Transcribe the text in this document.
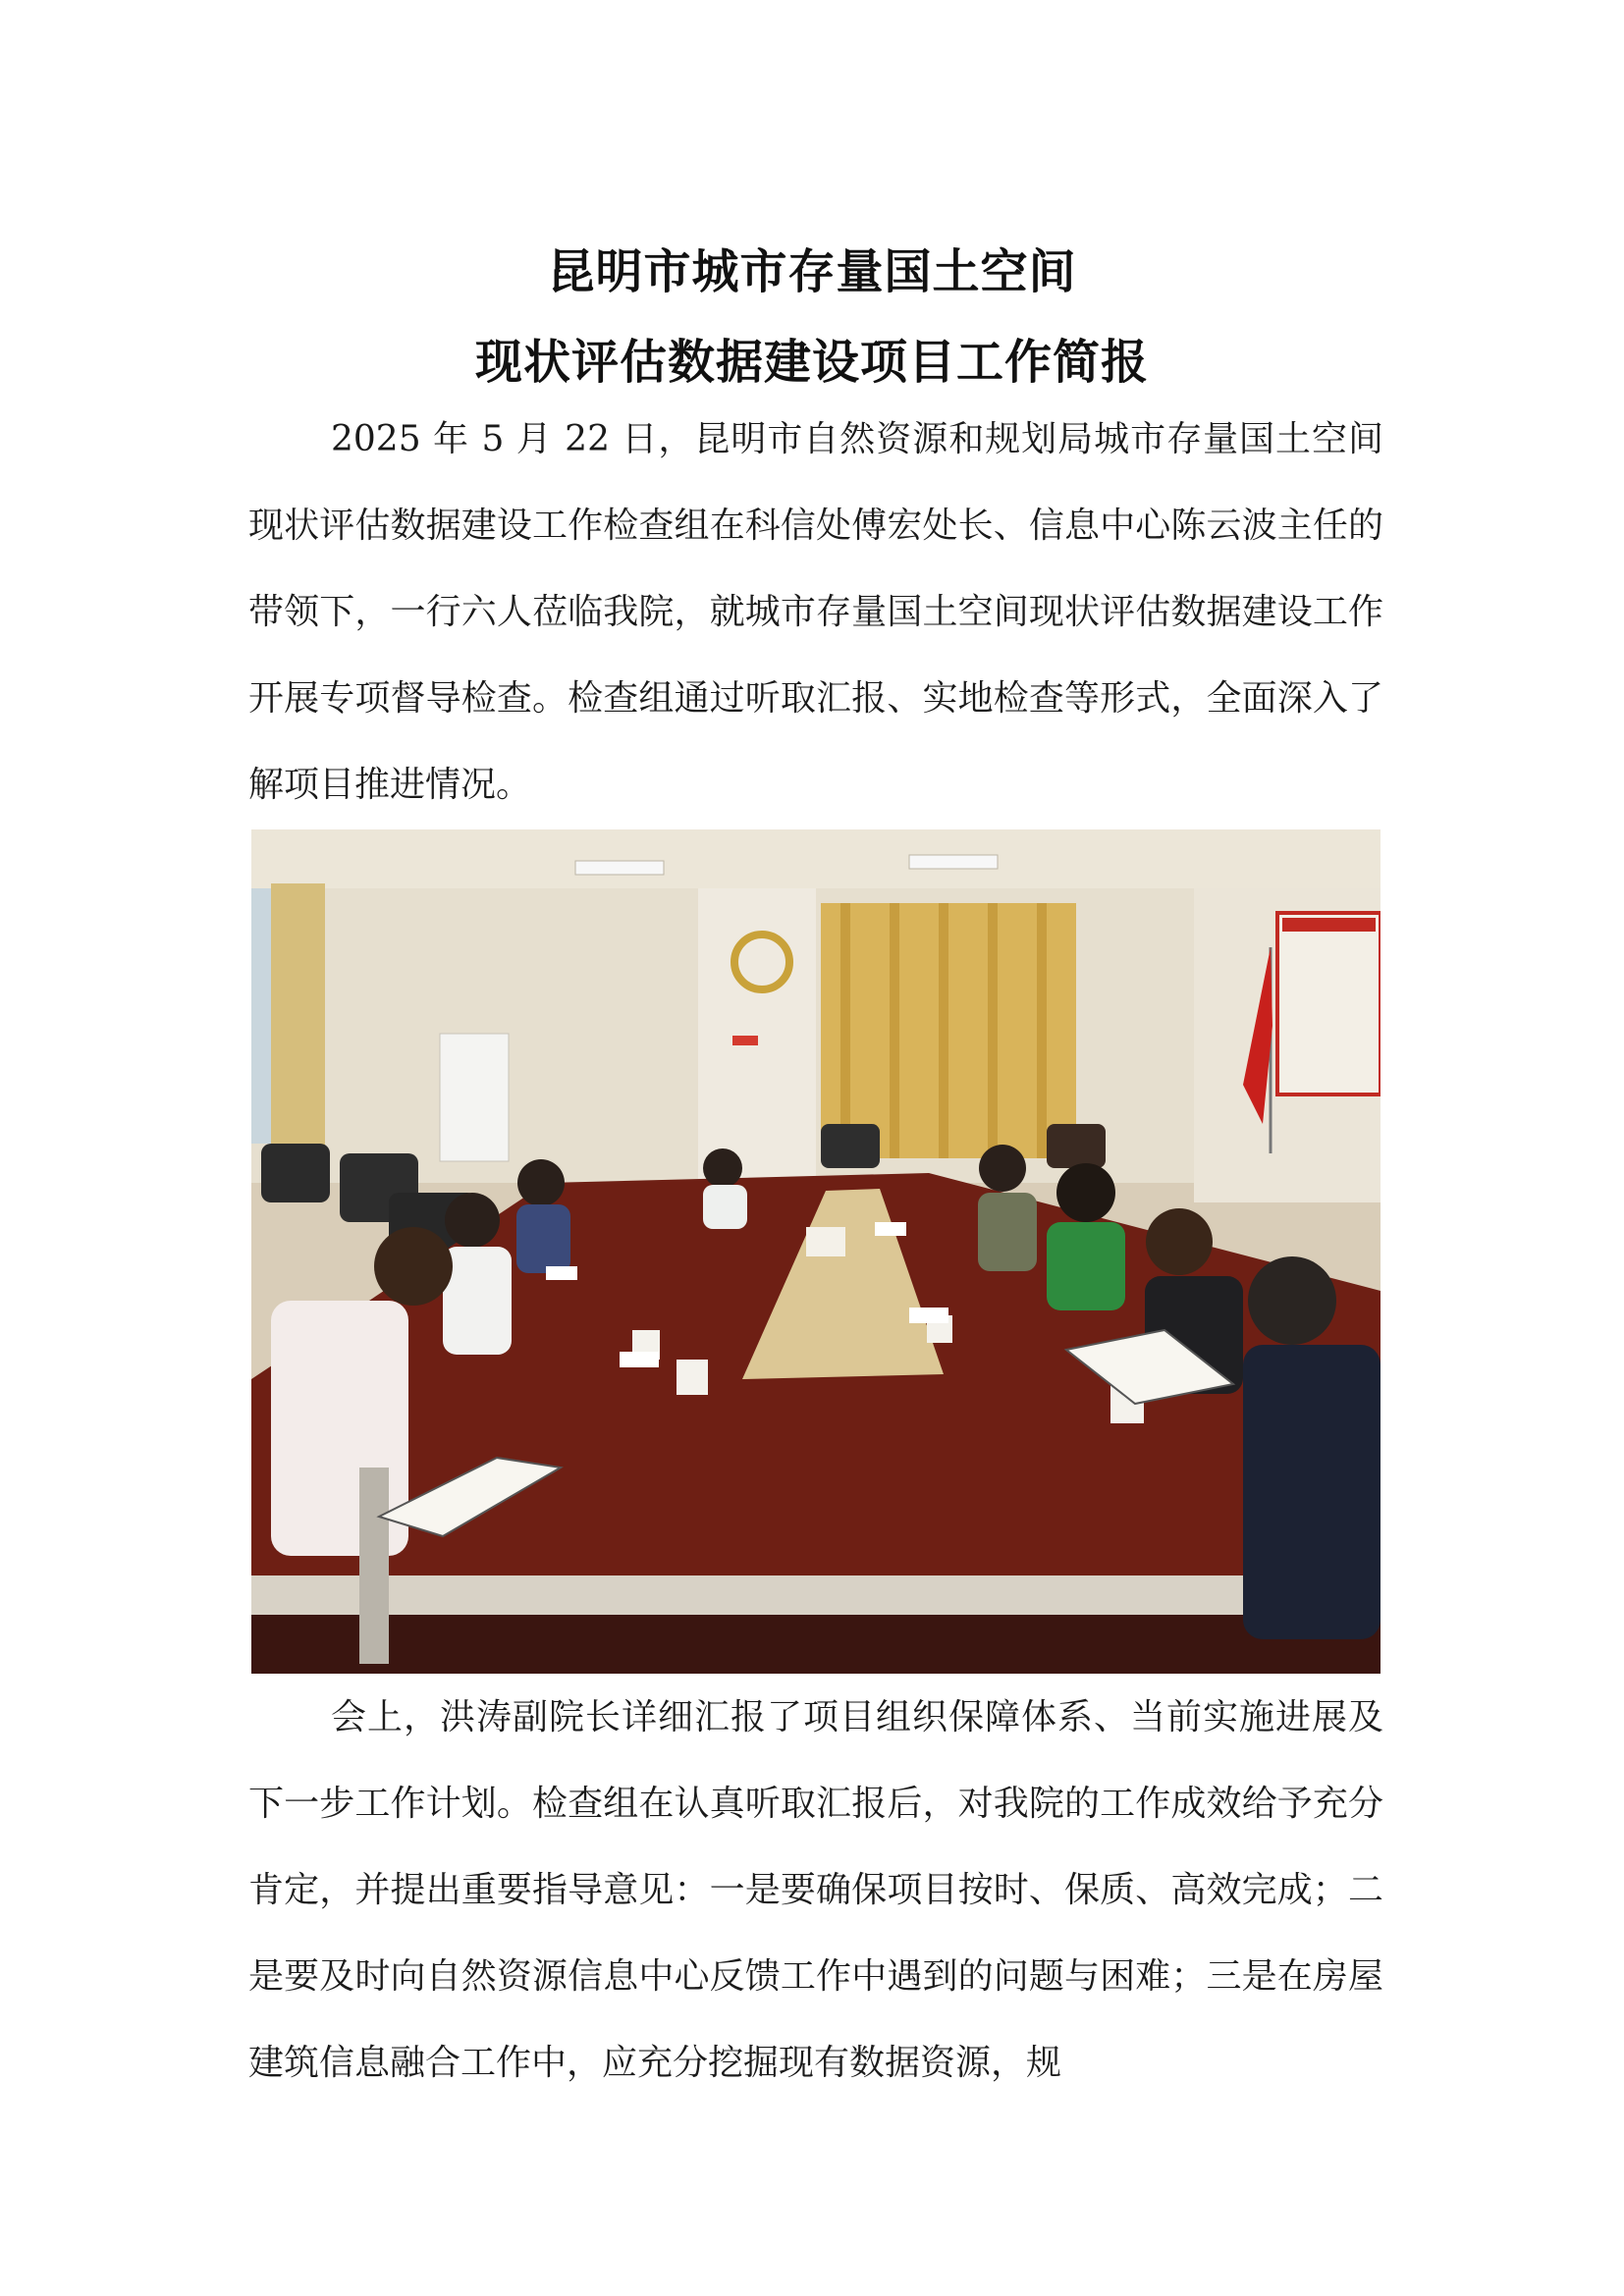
昆明市城市存量国土空间
现状评估数据建设项目工作简报

2025 年 5 月 22 日，昆明市自然资源和规划局城市存量国土空间现状评估数据建设工作检查组在科信处傅宏处长、信息中心陈云波主任的带领下，一行六人莅临我院，就城市存量国土空间现状评估数据建设工作开展专项督导检查。检查组通过听取汇报、实地检查等形式，全面深入了解项目推进情况。

会上，洪涛副院长详细汇报了项目组织保障体系、当前实施进展及下一步工作计划。检查组在认真听取汇报后，对我院的工作成效给予充分肯定，并提出重要指导意见：一是要确保项目按时、保质、高效完成；二是要及时向自然资源信息中心反馈工作中遇到的问题与困难；三是在房屋建筑信息融合工作中，应充分挖掘现有数据资源，规
